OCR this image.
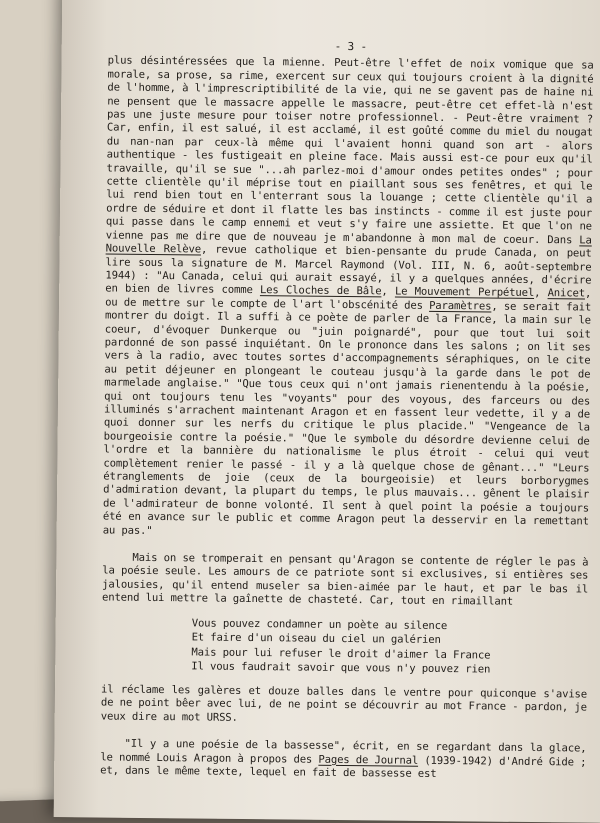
- 3 -

plus désintéressées que la mienne. Peut-être l'effet de noix vomique que sa morale, sa prose, sa rime, exercent sur ceux qui toujours croient à la dignité de l'homme, à l'imprescriptibilité de la vie, qui ne se gavent pas de haine ni ne pensent que le massacre appelle le massacre, peut-être cet effet-là n'est pas une juste mesure pour toiser notre professionnel. - Peut-être vraiment ? Car, enfin, il est salué, il est acclamé, il est goûté comme du miel du nougat du nan-nan par ceux-là même qui l'avaient honni quand son art - alors authentique - les fustigeait en pleine face. Mais aussi est-ce pour eux qu'il travaille, qu'il se sue "...ah parlez-moi d'amour ondes petites ondes" ; pour cette clientèle qu'il méprise tout en piaillant sous ses fenêtres, et qui le lui rend bien tout en l'enterrant sous la louange ; cette clientèle qu'il a ordre de séduire et dont il flatte les bas instincts - comme il est juste pour qui passe dans le camp ennemi et veut s'y faire une assiette. Et que l'on ne vienne pas me dire que de nouveau je m'abandonne à mon mal de coeur. Dans La Nouvelle Relève, revue catholique et bien-pensante du prude Canada, on peut lire sous la signature de M. Marcel Raymond (Vol. III, N. 6, août-septembre 1944) : "Au Canada, celui qui aurait essayé, il y a quelques années, d'écrire en bien de livres comme Les Cloches de Bâle, Le Mouvement Perpétuel, Anicet, ou de mettre sur le compte de l'art l'obscénité des Paramètres, se serait fait montrer du doigt. Il a suffi à ce poète de parler de la France, la main sur le coeur, d'évoquer Dunkerque ou "juin poignardé", pour que tout lui soit pardonné de son passé inquiétant. On le prononce dans les salons ; on lit ses vers à la radio, avec toutes sortes d'accompagnements séraphiques, on le cite au petit déjeuner en plongeant le couteau jusqu'à la garde dans le pot de marmelade anglaise." "Que tous ceux qui n'ont jamais rienentendu à la poésie, qui ont toujours tenu les "voyants" pour des voyous, des farceurs ou des illuminés s'arrachent maintenant Aragon et en fassent leur vedette, il y a de quoi donner sur les nerfs du critique le plus placide." "Vengeance de la bourgeoisie contre la poésie." "Que le symbole du désordre devienne celui de l'ordre et la bannière du nationalisme le plus étroit - celui qui veut complètement renier le passé - il y a là quelque chose de gênant..." "Leurs étranglements de joie (ceux de la bourgeoisie) et leurs borborygmes d'admiration devant, la plupart du temps, le plus mauvais... gênent le plaisir de l'admirateur de bonne volonté. Il sent à quel point la poésie a toujours été en avance sur le public et comme Aragon peut la desservir en la remettant au pas."

Mais on se tromperait en pensant qu'Aragon se contente de régler le pas à la poésie seule. Les amours de ce patriote sont si exclusives, si entières ses jalousies, qu'il entend museler sa bien-aimée par le haut, et par le bas il entend lui mettre la gaînette de chasteté. Car, tout en rimaillant

Vous pouvez condamner un poète au silence
Et faire d'un oiseau du ciel un galérien
Mais pour lui refuser le droit d'aimer la France
Il vous faudrait savoir que vous n'y pouvez rien

il réclame les galères et douze balles dans le ventre pour quiconque s'avise de ne point bêer avec lui, de ne point se découvrir au mot France - pardon, je veux dire au mot URSS.

"Il y a une poésie de la bassesse", écrit, en se regardant dans la glace, le nommé Louis Aragon à propos des Pages de Journal (1939-1942) d'André Gide ; et, dans le même texte, lequel en fait de bassesse est
